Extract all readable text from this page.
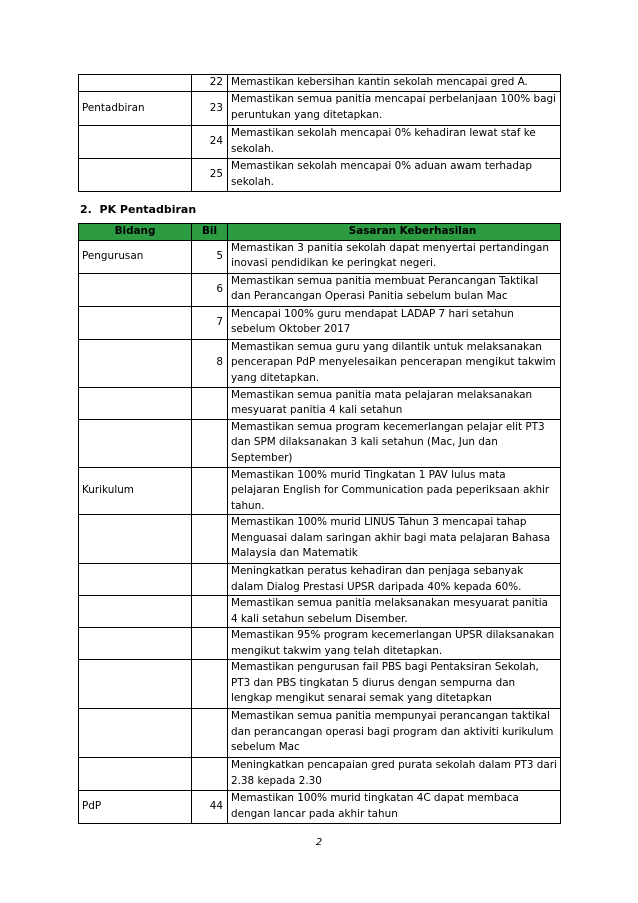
	22	Memastikan kebersihan kantin sekolah mencapai gred A.
Pentadbiran	23	Memastikan semua panitia mencapai perbelanjaan 100% bagi peruntukan yang ditetapkan.
	24	Memastikan sekolah mencapai 0% kehadiran lewat staf ke sekolah.
	25	Memastikan sekolah mencapai 0% aduan awam terhadap sekolah.
2. PK Pentadbiran
Bidang	Bil	Sasaran Keberhasilan
Pengurusan	5	Memastikan 3 panitia sekolah dapat menyertai pertandingan inovasi pendidikan ke peringkat negeri.
	6	Memastikan semua panitia membuat Perancangan Taktikal dan Perancangan Operasi Panitia sebelum bulan Mac
	7	Mencapai 100% guru mendapat LADAP 7 hari setahun sebelum Oktober 2017
	8	Memastikan semua guru yang dilantik untuk melaksanakan pencerapan PdP menyelesaikan pencerapan mengikut takwim yang ditetapkan.
		Memastikan semua panitia mata pelajaran melaksanakan mesyuarat panitia 4 kali setahun
		Memastikan semua program kecemerlangan pelajar elit PT3 dan SPM dilaksanakan 3 kali setahun (Mac, Jun dan September)
Kurikulum		Memastikan 100% murid Tingkatan 1 PAV lulus mata pelajaran English for Communication pada peperiksaan akhir tahun.
		Memastikan 100% murid LINUS Tahun 3 mencapai tahap Menguasai dalam saringan akhir bagi mata pelajaran Bahasa Malaysia dan Matematik
		Meningkatkan peratus kehadiran dan penjaga sebanyak dalam Dialog Prestasi UPSR daripada 40% kepada 60%.
		Memastikan semua panitia melaksanakan mesyuarat panitia 4 kali setahun sebelum Disember.
		Memastikan 95% program kecemerlangan UPSR dilaksanakan mengikut takwim yang telah ditetapkan.
		Memastikan pengurusan fail PBS bagi Pentaksiran Sekolah, PT3 dan PBS tingkatan 5 diurus dengan sempurna dan lengkap mengikut senarai semak yang ditetapkan
		Memastikan semua panitia mempunyai perancangan taktikal dan perancangan operasi bagi program dan aktiviti kurikulum sebelum Mac
		Meningkatkan pencapaian gred purata sekolah dalam PT3 dari 2.38 kepada 2.30
PdP	44	Memastikan 100% murid tingkatan 4C dapat membaca dengan lancar pada akhir tahun
2
